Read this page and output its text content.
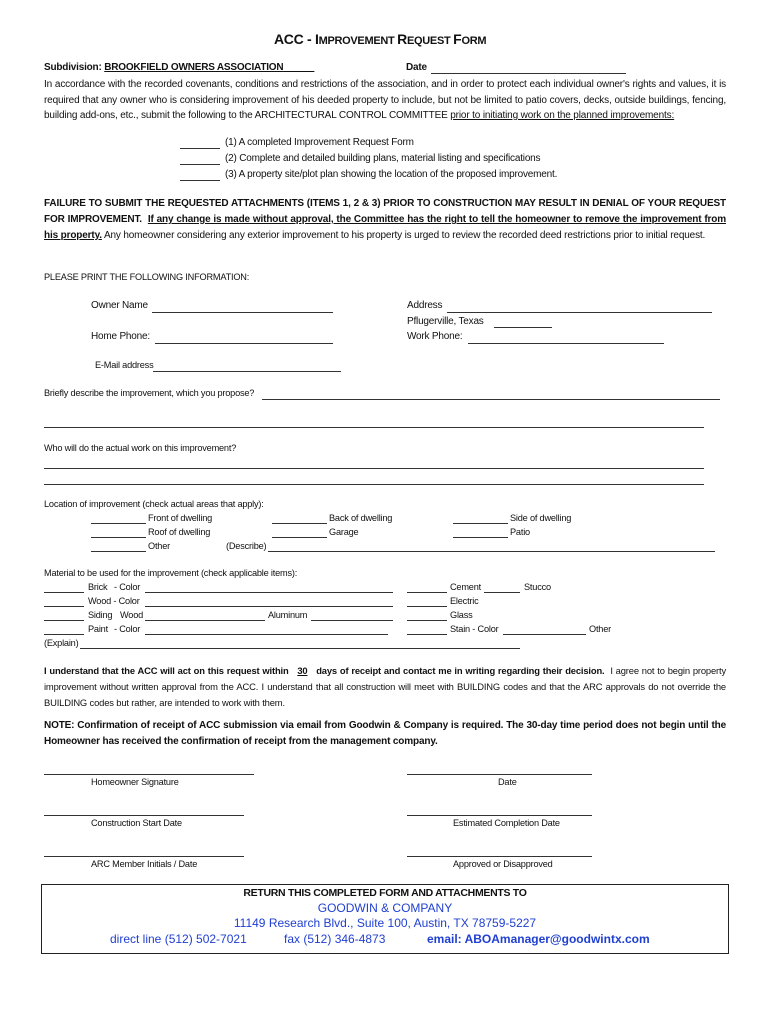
ACC - IMPROVEMENT REQUEST FORM
Subdivision: BROOKFIELD OWNERS ASSOCIATION	Date
In accordance with the recorded covenants, conditions and restrictions of the association, and in order to protect each individual owner's rights and values, it is required that any owner who is considering improvement of his deeded property to include, but not be limited to patio covers, decks, outside buildings, fencing, building add-ons, etc., submit the following to the ARCHITECTURAL CONTROL COMMITTEE prior to initiating work on the planned improvements:
(1) A completed Improvement Request Form
(2) Complete and detailed building plans, material listing and specifications
(3) A property site/plot plan showing the location of the proposed improvement.
FAILURE TO SUBMIT THE REQUESTED ATTACHMENTS (ITEMS 1, 2 & 3) PRIOR TO CONSTRUCTION MAY RESULT IN DENIAL OF YOUR REQUEST FOR IMPROVEMENT. If any change is made without approval, the Committee has the right to tell the homeowner to remove the improvement from his property. Any homeowner considering any exterior improvement to his property is urged to review the recorded deed restrictions prior to initial request.
PLEASE PRINT THE FOLLOWING INFORMATION:
Owner Name	Address
Pflugerville, Texas
Home Phone:	Work Phone:
E-Mail address
Briefly describe the improvement, which you propose?
Who will do the actual work on this improvement?
Location of improvement (check actual areas that apply):
Front of dwelling	Back of dwelling	Side of dwelling
Roof of dwelling	Garage	Patio
Other	(Describe)
Material to be used for the improvement (check applicable items):
Brick - Color	Cement	Stucco
Wood - Color	Electric
Siding Wood	Aluminum	Glass
Paint - Color	Stain - Color	Other
(Explain)
I understand that the ACC will act on this request within 30 days of receipt and contact me in writing regarding their decision. I agree not to begin property improvement without written approval from the ACC. I understand that all construction will meet with BUILDING codes and that the ARC approvals do not override the BUILDING codes but rather, are intended to work with them.
NOTE: Confirmation of receipt of ACC submission via email from Goodwin & Company is required. The 30-day time period does not begin until the Homeowner has received the confirmation of receipt from the management company.
Homeowner Signature	Date
Construction Start Date	Estimated Completion Date
ARC Member Initials / Date	Approved or Disapproved
RETURN THIS COMPLETED FORM AND ATTACHMENTS TO
GOODWIN & COMPANY
11149 Research Blvd., Suite 100, Austin, TX 78759-5227
direct line (512) 502-7021	fax (512) 346-4873	email: ABOAmanager@goodwintx.com
